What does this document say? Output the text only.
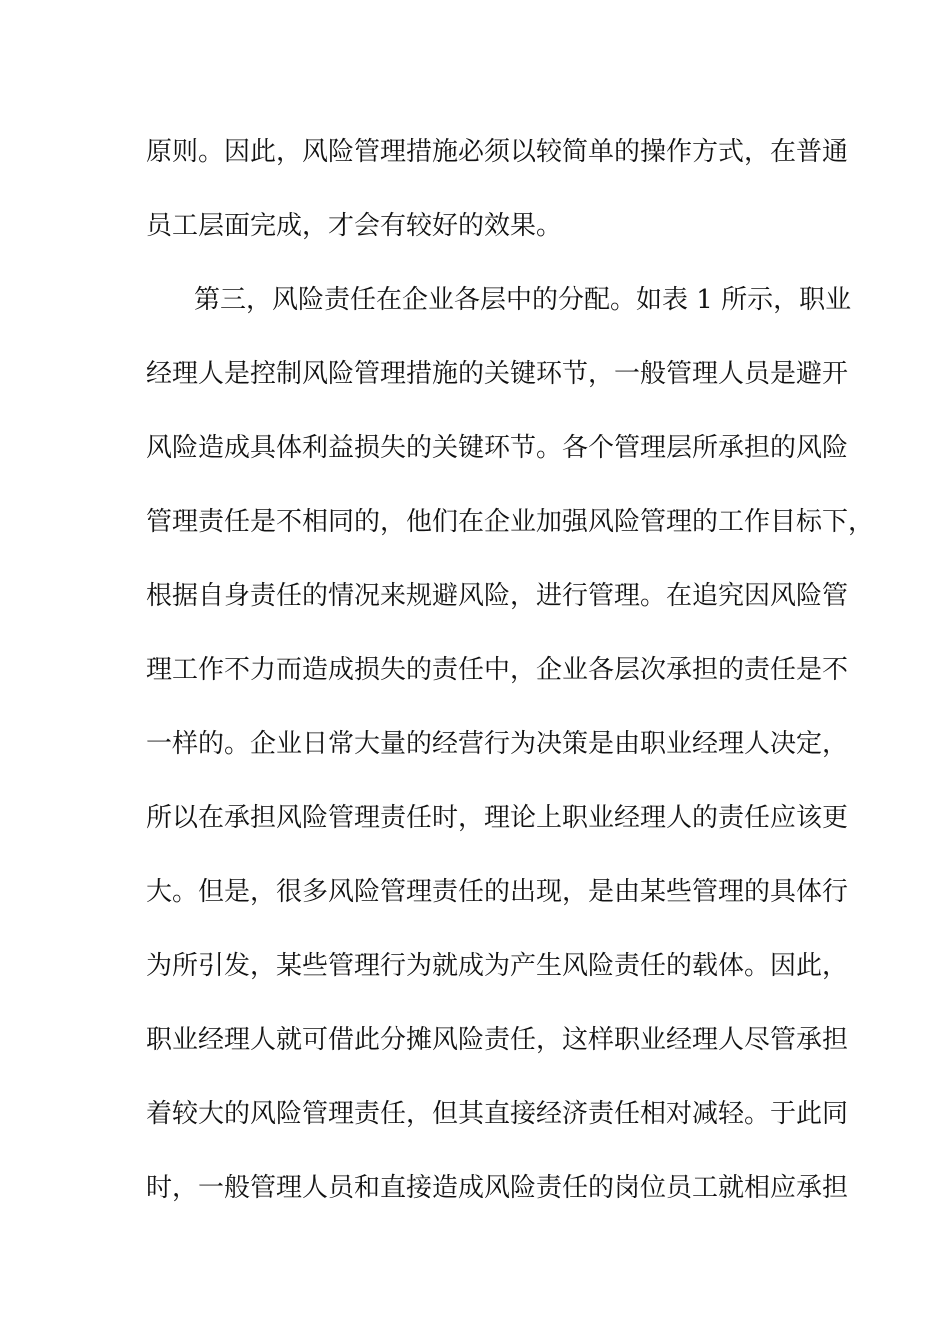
原则。因此，风险管理措施必须以较简单的操作方式，在普通
员工层面完成，才会有较好的效果。
第三，风险责任在企业各层中的分配。如表 1 所示，职业
经理人是控制风险管理措施的关键环节，一般管理人员是避开
风险造成具体利益损失的关键环节。各个管理层所承担的风险
管理责任是不相同的，他们在企业加强风险管理的工作目标下，
根据自身责任的情况来规避风险，进行管理。在追究因风险管
理工作不力而造成损失的责任中，企业各层次承担的责任是不
一样的。企业日常大量的经营行为决策是由职业经理人决定，
所以在承担风险管理责任时，理论上职业经理人的责任应该更
大。但是，很多风险管理责任的出现，是由某些管理的具体行
为所引发，某些管理行为就成为产生风险责任的载体。因此，
职业经理人就可借此分摊风险责任，这样职业经理人尽管承担
着较大的风险管理责任，但其直接经济责任相对减轻。于此同
时，一般管理人员和直接造成风险责任的岗位员工就相应承担
